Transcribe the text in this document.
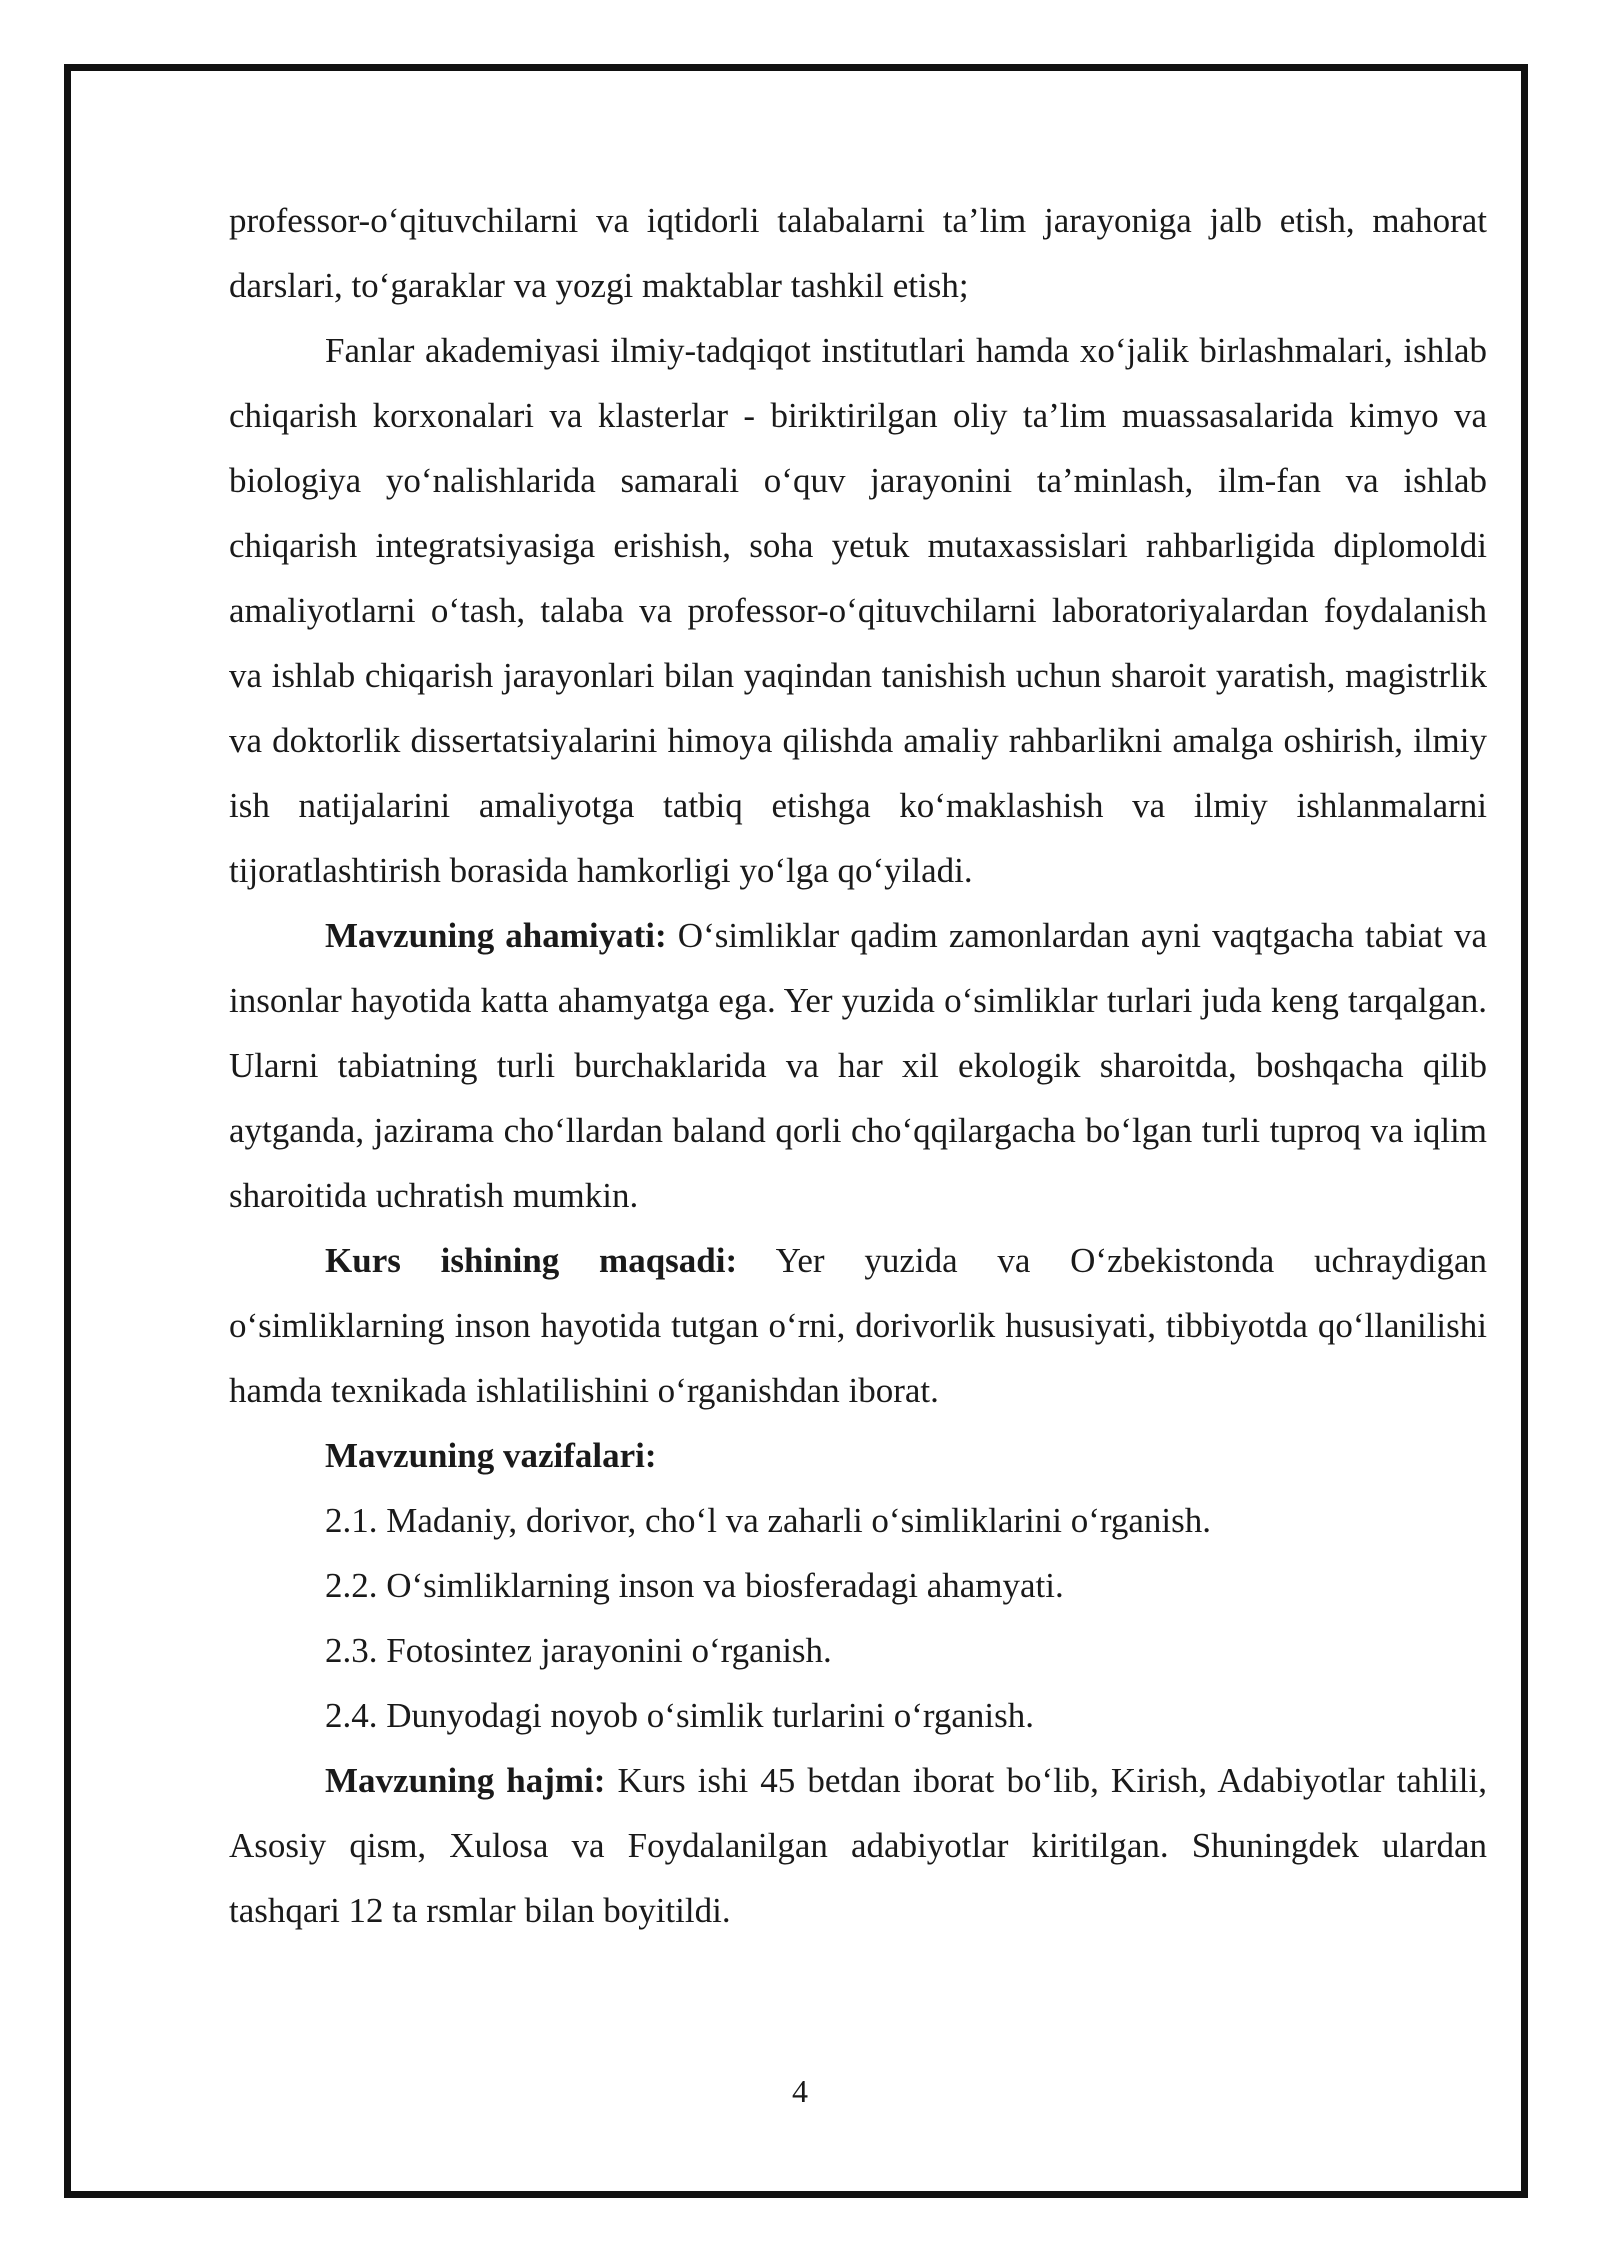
professor-o‘qituvchilarni va iqtidorli talabalarni ta’lim jarayoniga jalb etish, mahorat darslari, to‘garaklar va yozgi maktablar tashkil etish;

Fanlar akademiyasi ilmiy-tadqiqot institutlari hamda xo‘jalik birlashmalari, ishlab chiqarish korxonalari va klasterlar - biriktirilgan oliy ta’lim muassasalarida kimyo va biologiya yo‘nalishlarida samarali o‘quv jarayonini ta’minlash, ilm-fan va ishlab chiqarish integratsiyasiga erishish, soha yetuk mutaxassislari rahbarligida diplomoldi amaliyotlarni o‘tash, talaba va professor-o‘qituvchilarni laboratoriyalardan foydalanish va ishlab chiqarish jarayonlari bilan yaqindan tanishish uchun sharoit yaratish, magistrlik va doktorlik dissertatsiyalarini himoya qilishda amaliy rahbarlikni amalga oshirish, ilmiy ish natijalarini amaliyotga tatbiq etishga ko‘maklashish va ilmiy ishlanmalarni tijoratlashtirish borasida hamkorligi yo‘lga qo‘yiladi.

Mavzuning ahamiyati: O‘simliklar qadim zamonlardan ayni vaqtgacha tabiat va insonlar hayotida katta ahamyatga ega. Yer yuzida o‘simliklar turlari juda keng tarqalgan. Ularni tabiatning turli burchaklarida va har xil ekologik sharoitda, boshqacha qilib aytganda, jazirama cho‘llardan baland qorli cho‘qqilargacha bo‘lgan turli tuproq va iqlim sharoitida uchratish mumkin.

Kurs ishining maqsadi: Yer yuzida va O‘zbekistonda uchraydigan o‘simliklarning inson hayotida tutgan o‘rni, dorivorlik hususiyati, tibbiyotda qo‘llanilishi hamda texnikada ishlatilishini o‘rganishdan iborat.

Mavzuning vazifalari:

2.1. Madaniy, dorivor, cho‘l va zaharli o‘simliklarini o‘rganish.

2.2. O‘simliklarning inson va biosferadagi ahamyati.

2.3. Fotosintez jarayonini o‘rganish.

2.4. Dunyodagi noyob o‘simlik turlarini o‘rganish.

Mavzuning hajmi: Kurs ishi 45 betdan iborat bo‘lib, Kirish, Adabiyotlar tahlili, Asosiy qism, Xulosa va Foydalanilgan adabiyotlar kiritilgan. Shuningdek ulardan tashqari 12 ta rsmlar bilan boyitildi.

4
